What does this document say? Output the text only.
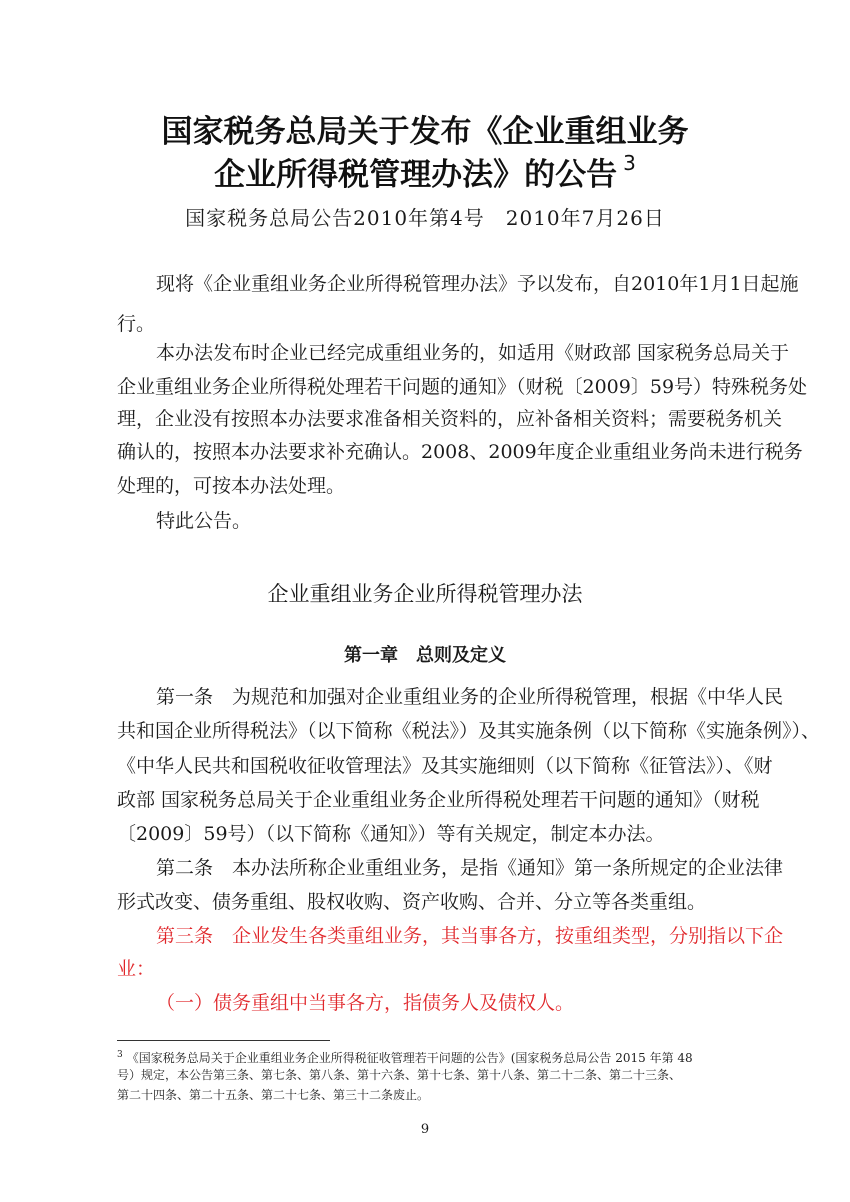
国家税务总局关于发布《企业重组业务
企业所得税管理办法》的公告 $^3$
国家税务总局公告2010年第4号　2010年7月26日
现将《企业重组业务企业所得税管理办法》予以发布，自2010年1月1日起施
行。
本办法发布时企业已经完成重组业务的，如适用《财政部 国家税务总局关于
企业重组业务企业所得税处理若干问题的通知》（财税〔2009〕59号）特殊税务处
理，企业没有按照本办法要求准备相关资料的，应补备相关资料；需要税务机关
确认的，按照本办法要求补充确认。2008、2009年度企业重组业务尚未进行税务
处理的，可按本办法处理。
特此公告。
企业重组业务企业所得税管理办法
第一章　总则及定义
第一条　为规范和加强对企业重组业务的企业所得税管理，根据《中华人民
共和国企业所得税法》（以下简称《税法》）及其实施条例（以下简称《实施条例》）、
《中华人民共和国税收征收管理法》及其实施细则（以下简称《征管法》）、《财
政部 国家税务总局关于企业重组业务企业所得税处理若干问题的通知》（财税
〔2009〕59号）（以下简称《通知》）等有关规定，制定本办法。
第二条　本办法所称企业重组业务，是指《通知》第一条所规定的企业法律
形式改变、债务重组、股权收购、资产收购、合并、分立等各类重组。
第三条　企业发生各类重组业务，其当事各方，按重组类型，分别指以下企
业：
（一）债务重组中当事各方，指债务人及债权人。
$^3$ 《国家税务总局关于企业重组业务企业所得税征收管理若干问题的公告》(国家税务总局公告 2015 年第 48
号）规定，本公告第三条、第七条、第八条、第十六条、第十七条、第十八条、第二十二条、第二十三条、
第二十四条、第二十五条、第二十七条、第三十二条废止。
9
